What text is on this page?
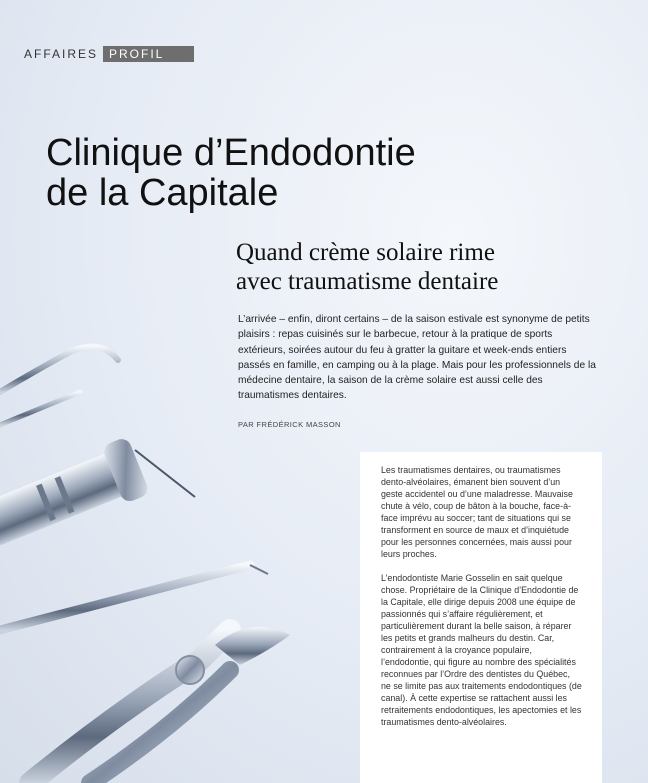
AFFAIRES PROFIL
Clinique d’Endodontie
de la Capitale
Quand crème solaire rime
avec traumatisme dentaire

L’arrivée – enfin, diront certains – de la saison estivale est synonyme de petits plaisirs : repas cuisinés sur le barbecue, retour à la pratique de sports extérieurs, soirées autour du feu à gratter la guitare et week-ends entiers passés en famille, en camping ou à la plage. Mais pour les professionnels de la médecine dentaire, la saison de la crème solaire est aussi celle des traumatismes dentaires.

PAR FRÉDÉRICK MASSON

Les traumatismes dentaires, ou traumatismes dento-alvéolaires, émanent bien souvent d’un geste accidentel ou d’une maladresse. Mauvaise chute à vélo, coup de bâton à la bouche, face-à-face imprévu au soccer; tant de situations qui se transforment en source de maux et d’inquiétude pour les personnes concernées, mais aussi pour leurs proches.

L’endodontiste Marie Gosselin en sait quelque chose. Propriétaire de la Clinique d’Endodontie de la Capitale, elle dirige depuis 2008 une équipe de passionnés qui s’affaire régulièrement, et particulièrement durant la belle saison, à réparer les petits et grands malheurs du destin. Car, contrairement à la croyance populaire, l’endodontie, qui figure au nombre des spécialités reconnues par l’Ordre des dentistes du Québec, ne se limite pas aux traitements endodontiques (de canal). À cette expertise se rattachent aussi les retraitements endodontiques, les apectomies et les traumatismes dento-alvéolaires.
